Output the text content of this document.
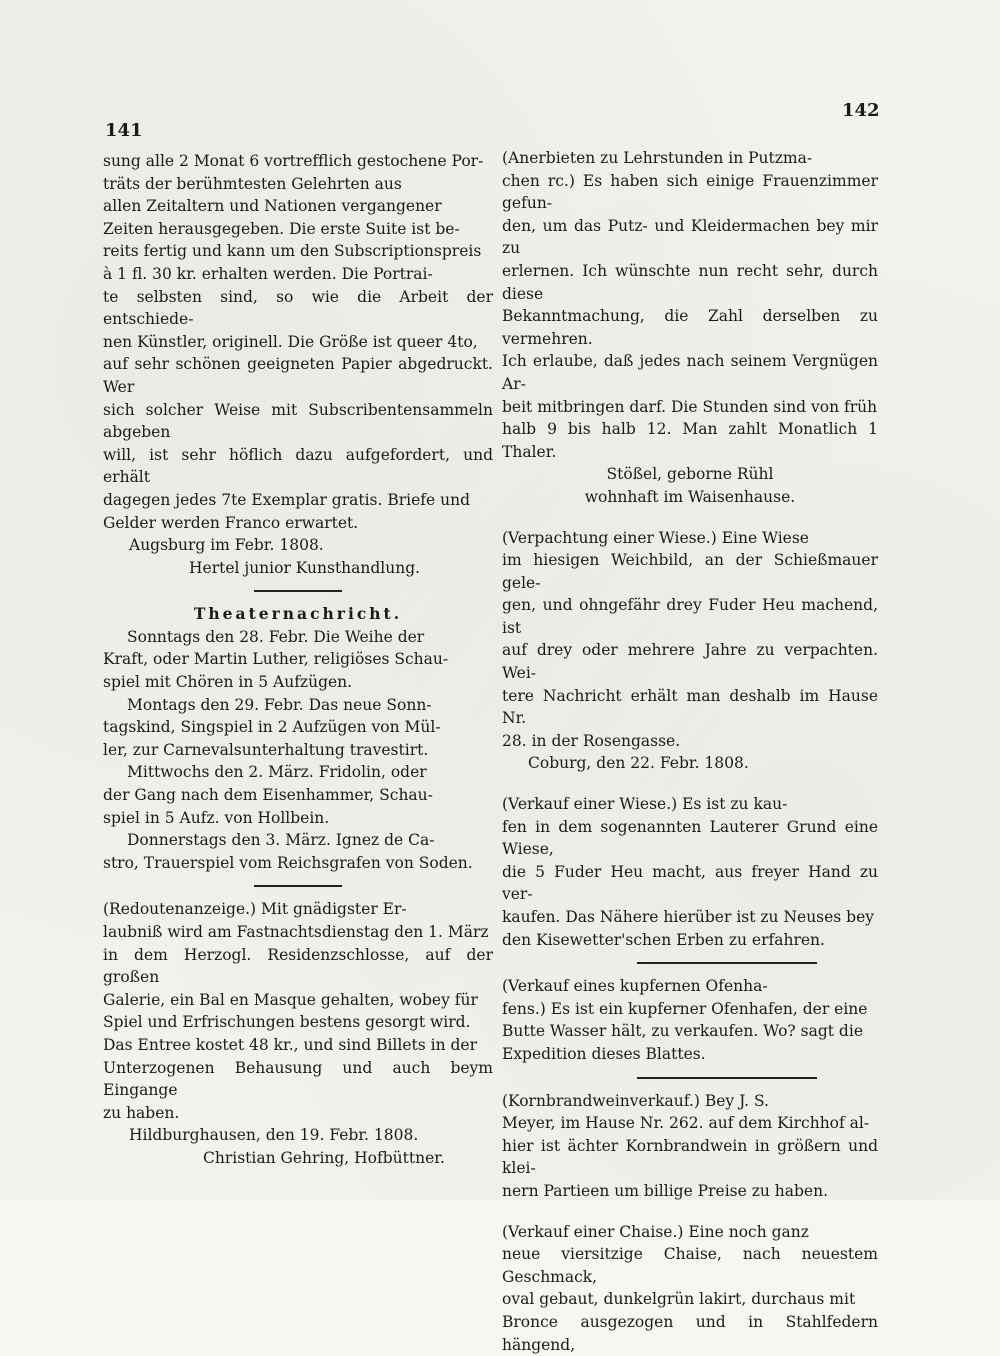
141
142
sung alle 2 Monat 6 vortrefflich gestochene Por-
träts der berühmtesten Gelehrten aus
allen Zeitaltern und Nationen vergangener
Zeiten herausgegeben. Die erste Suite ist be-
reits fertig und kann um den Subscriptionspreis
à 1 fl. 30 kr. erhalten werden. Die Portrai-
te selbsten sind, so wie die Arbeit der entschiede-
nen Künstler, originell. Die Größe ist queer 4to,
auf sehr schönen geeigneten Papier abgedruckt. Wer
sich solcher Weise mit Subscribentensammeln abgeben
will, ist sehr höflich dazu aufgefordert, und erhält
dagegen jedes 7te Exemplar gratis. Briefe und
Gelder werden Franco erwartet.
Augsburg im Febr. 1808.
Hertel junior Kunsthandlung.
Theaternachricht.
Sonntags den 28. Febr. Die Weihe der
Kraft, oder Martin Luther, religiöses Schau-
spiel mit Chören in 5 Aufzügen.
Montags den 29. Febr. Das neue Sonn-
tagskind, Singspiel in 2 Aufzügen von Mül-
ler, zur Carnevalsunterhaltung travestirt.
Mittwochs den 2. März. Fridolin, oder
der Gang nach dem Eisenhammer, Schau-
spiel in 5 Aufz. von Hollbein.
Donnerstags den 3. März. Ignez de Ca-
stro, Trauerspiel vom Reichsgrafen von Soden.
(Redoutenanzeige.) Mit gnädigster Er-
laubniß wird am Fastnachtsdienstag den 1. März
in dem Herzogl. Residenzschlosse, auf der großen
Galerie, ein Bal en Masque gehalten, wobey für
Spiel und Erfrischungen bestens gesorgt wird.
Das Entree kostet 48 kr., und sind Billets in der
Unterzogenen Behausung und auch beym Eingange
zu haben.
Hildburghausen, den 19. Febr. 1808.
Christian Gehring, Hofbüttner.
(Anerbieten zu Lehrstunden in Putzma-
chen rc.) Es haben sich einige Frauenzimmer gefun-
den, um das Putz- und Kleidermachen bey mir zu
erlernen. Ich wünschte nun recht sehr, durch diese
Bekanntmachung, die Zahl derselben zu vermehren.
Ich erlaube, daß jedes nach seinem Vergnügen Ar-
beit mitbringen darf. Die Stunden sind von früh
halb 9 bis halb 12. Man zahlt Monatlich 1 Thaler.
Stößel, geborne Rühl
wohnhaft im Waisenhause.
(Verpachtung einer Wiese.) Eine Wiese
im hiesigen Weichbild, an der Schießmauer gele-
gen, und ohngefähr drey Fuder Heu machend, ist
auf drey oder mehrere Jahre zu verpachten. Wei-
tere Nachricht erhält man deshalb im Hause Nr.
28. in der Rosengasse.
Coburg, den 22. Febr. 1808.
(Verkauf einer Wiese.) Es ist zu kau-
fen in dem sogenannten Lauterer Grund eine Wiese,
die 5 Fuder Heu macht, aus freyer Hand zu ver-
kaufen. Das Nähere hierüber ist zu Neuses bey
den Kisewetter'schen Erben zu erfahren.
(Verkauf eines kupfernen Ofenha-
fens.) Es ist ein kupferner Ofenhafen, der eine
Butte Wasser hält, zu verkaufen. Wo? sagt die
Expedition dieses Blattes.
(Kornbrandweinverkauf.) Bey J. S.
Meyer, im Hause Nr. 262. auf dem Kirchhof al-
hier ist ächter Kornbrandwein in größern und klei-
nern Partieen um billige Preise zu haben.
(Verkauf einer Chaise.) Eine noch ganz
neue viersitzige Chaise, nach neuestem Geschmack,
oval gebaut, dunkelgrün lakirt, durchaus mit
Bronce ausgezogen und in Stahlfedern hängend,
